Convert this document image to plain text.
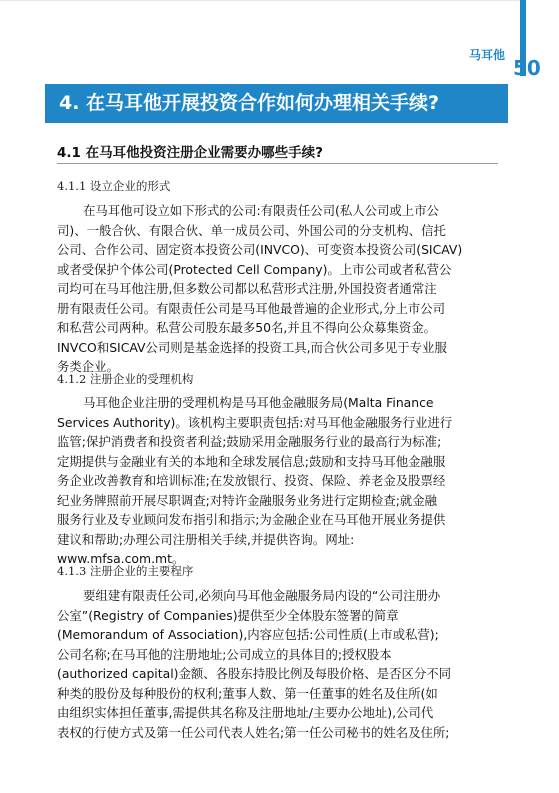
马耳他
50
4. 在马耳他开展投资合作如何办理相关手续?
4.1 在马耳他投资注册企业需要办哪些手续?
4.1.1 设立企业的形式
在马耳他可设立如下形式的公司:有限责任公司(私人公司或上市公
司)、一般合伙、有限合伙、单一成员公司、外国公司的分支机构、信托
公司、合作公司、固定资本投资公司(INVCO)、可变资本投资公司(SICAV)
或者受保护个体公司(Protected Cell Company)。上市公司或者私营公
司均可在马耳他注册,但多数公司都以私营形式注册,外国投资者通常注
册有限责任公司。有限责任公司是马耳他最普遍的企业形式,分上市公司
和私营公司两种。私营公司股东最多50名,并且不得向公众募集资金。
INVCO和SICAV公司则是基金选择的投资工具,而合伙公司多见于专业服
务类企业。
4.1.2 注册企业的受理机构
马耳他企业注册的受理机构是马耳他金融服务局(Malta Finance
Services Authority)。该机构主要职责包括:对马耳他金融服务行业进行
监管;保护消费者和投资者利益;鼓励采用金融服务行业的最高行为标准;
定期提供与金融业有关的本地和全球发展信息;鼓励和支持马耳他金融服
务企业改善教育和培训标准;在发放银行、投资、保险、养老金及股票经
纪业务牌照前开展尽职调查;对特许金融服务业务进行定期检查;就金融
服务行业及专业顾问发布指引和指示;为金融企业在马耳他开展业务提供
建议和帮助;办理公司注册相关手续,并提供咨询。网址:
www.mfsa.com.mt。
4.1.3 注册企业的主要程序
要组建有限责任公司,必须向马耳他金融服务局内设的“公司注册办
公室”(Registry of Companies)提供至少全体股东签署的简章
(Memorandum of Association),内容应包括:公司性质(上市或私营);
公司名称;在马耳他的注册地址;公司成立的具体目的;授权股本
(authorized capital)金额、各股东持股比例及每股价格、是否区分不同
种类的股份及每种股份的权利;董事人数、第一任董事的姓名及住所(如
由组织实体担任董事,需提供其名称及注册地址/主要办公地址),公司代
表权的行使方式及第一任公司代表人姓名;第一任公司秘书的姓名及住所;
